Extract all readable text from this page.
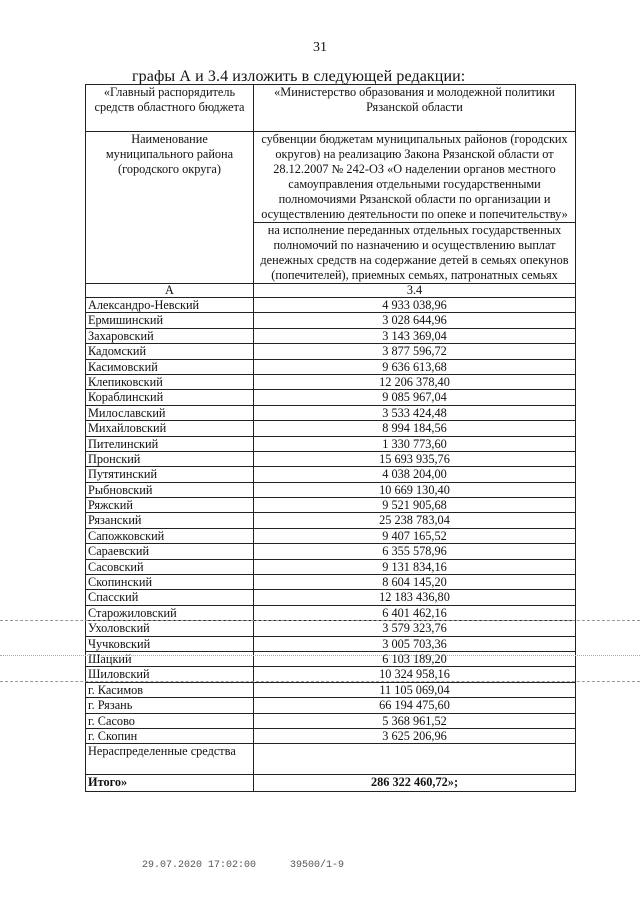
31
графы А и 3.4 изложить в следующей редакции:
«Главный распорядитель средств областного бюджета	«Министерство образования и молодежной политики Рязанской области
Наименование муниципального района (городского округа)	субвенции бюджетам муниципальных районов (городских округов) на реализацию Закона Рязанской области от 28.12.2007 № 242-ОЗ «О наделении органов местного самоуправления отдельными государственными полномочиями Рязанской области по организации и осуществлению деятельности по опеке и попечительству»
	на исполнение переданных отдельных государственных полномочий по назначению и осуществлению выплат денежных средств на содержание детей в семьях опекунов (попечителей), приемных семьях, патронатных семьях
А	3.4
Александро-Невский	4 933 038,96
Ермишинский	3 028 644,96
Захаровский	3 143 369,04
Кадомский	3 877 596,72
Касимовский	9 636 613,68
Клепиковский	12 206 378,40
Кораблинский	9 085 967,04
Милославский	3 533 424,48
Михайловский	8 994 184,56
Пителинский	1 330 773,60
Пронский	15 693 935,76
Путятинский	4 038 204,00
Рыбновский	10 669 130,40
Ряжский	9 521 905,68
Рязанский	25 238 783,04
Сапожковский	9 407 165,52
Сараевский	6 355 578,96
Сасовский	9 131 834,16
Скопинский	8 604 145,20
Спасский	12 183 436,80
Старожиловский	6 401 462,16
Ухоловский	3 579 323,76
Чучковский	3 005 703,36
Шацкий	6 103 189,20
Шиловский	10 324 958,16
г. Касимов	11 105 069,04
г. Рязань	66 194 475,60
г. Сасово	5 368 961,52
г. Скопин	3 625 206,96
Нераспределенные средства	
Итого»	286 322 460,72»;
29.07.2020 17:02:00	39500/1-9
